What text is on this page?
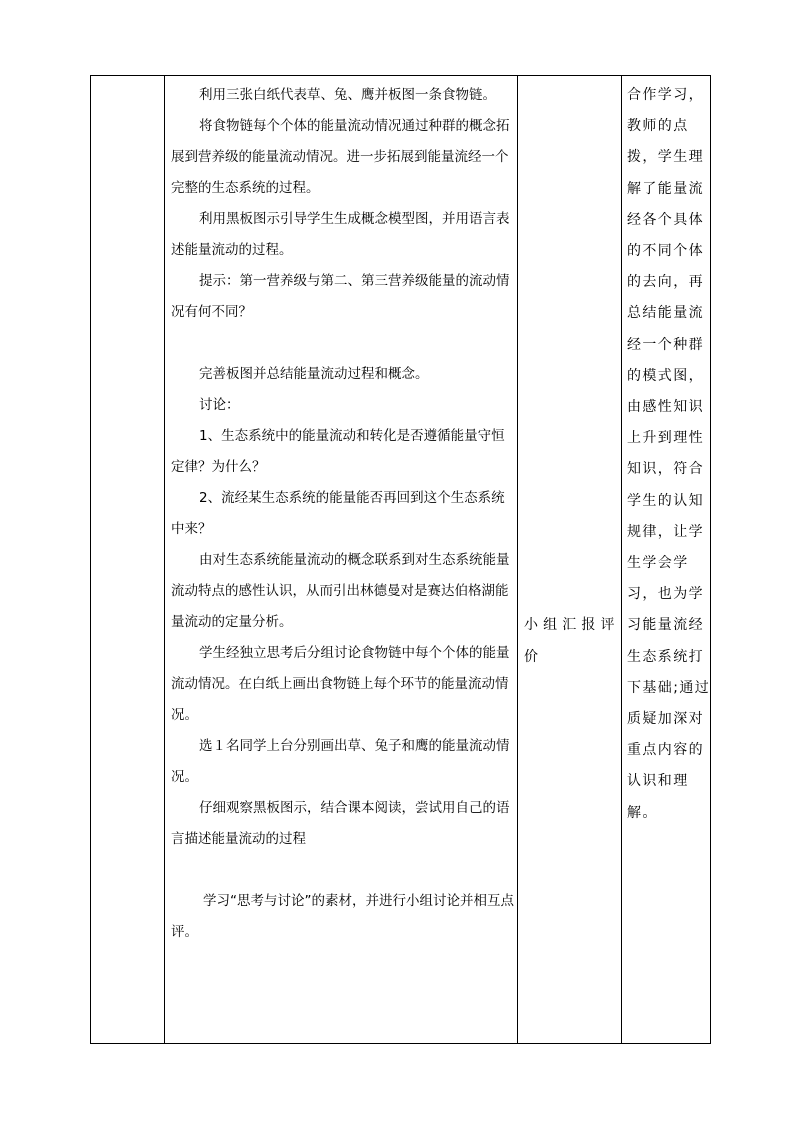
利用三张白纸代表草、兔、鹰并板图一条食物链。

将食物链每个个体的能量流动情况通过种群的概念拓展到营养级的能量流动情况。进一步拓展到能量流经一个完整的生态系统的过程。

利用黑板图示引导学生生成概念模型图，并用语言表述能量流动的过程。

提示：第一营养级与第二、第三营养级能量的流动情况有何不同？

完善板图并总结能量流动过程和概念。

讨论：

1、生态系统中的能量流动和转化是否遵循能量守恒定律？为什么？

2、流经某生态系统的能量能否再回到这个生态系统中来？

由对生态系统能量流动的概念联系到对生态系统能量流动特点的感性认识，从而引出林德曼对是赛达伯格湖能量流动的定量分析。

学生经独立思考后分组讨论食物链中每个个体的能量流动情况。在白纸上画出食物链上每个环节的能量流动情况。

选１名同学上台分别画出草、兔子和鹰的能量流动情况。

仔细观察黑板图示，结合课本阅读，尝试用自己的语言描述能量流动的过程

学习“思考与讨论”的素材，并进行小组讨论并相互点评。

小组汇报评价

合作学习，教师的点拨，学生理解了能量流经各个具体的不同个体的去向，再总结能量流经一个种群的模式图，由感性知识上升到理性知识，符合学生的认知规律，让学生学会学习，也为学习能量流经生态系统打下基础;通过质疑加深对重点内容的认识和理解。
